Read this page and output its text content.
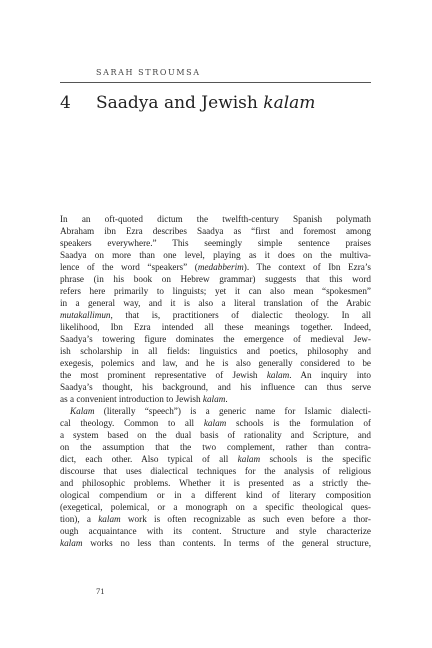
SARAH STROUMSA

4 Saadya and Jewish kalam
In an oft-quoted dictum the twelfth-century Spanish polymath
Abraham ibn Ezra describes Saadya as “first and foremost among
speakers everywhere.” This seemingly simple sentence praises
Saadya on more than one level, playing as it does on the multiva-
lence of the word “speakers” (medabberim). The context of Ibn Ezra’s
phrase (in his book on Hebrew grammar) suggests that this word
refers here primarily to linguists; yet it can also mean “spokesmen”
in a general way, and it is also a literal translation of the Arabic
mutakallimun, that is, practitioners of dialectic theology. In all
likelihood, Ibn Ezra intended all these meanings together. Indeed,
Saadya’s towering figure dominates the emergence of medieval Jew-
ish scholarship in all fields: linguistics and poetics, philosophy and
exegesis, polemics and law, and he is also generally considered to be
the most prominent representative of Jewish kalam. An inquiry into
Saadya’s thought, his background, and his influence can thus serve
as a convenient introduction to Jewish kalam.
Kalam (literally “speech”) is a generic name for Islamic dialecti-
cal theology. Common to all kalam schools is the formulation of
a system based on the dual basis of rationality and Scripture, and
on the assumption that the two complement, rather than contra-
dict, each other. Also typical of all kalam schools is the specific
discourse that uses dialectical techniques for the analysis of religious
and philosophic problems. Whether it is presented as a strictly the-
ological compendium or in a different kind of literary composition
(exegetical, polemical, or a monograph on a specific theological ques-
tion), a kalam work is often recognizable as such even before a thor-
ough acquaintance with its content. Structure and style characterize
kalam works no less than contents. In terms of the general structure,

71
